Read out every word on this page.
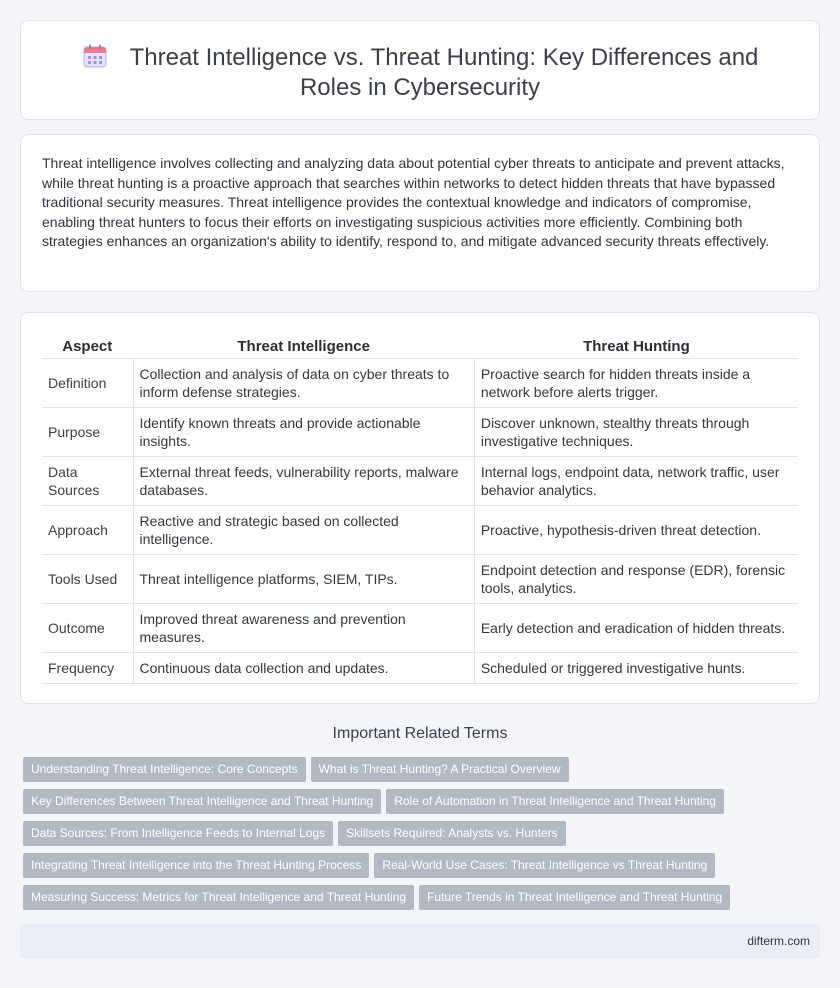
Threat Intelligence vs. Threat Hunting: Key Differences and Roles in Cybersecurity

Threat intelligence involves collecting and analyzing data about potential cyber threats to anticipate and prevent attacks, while threat hunting is a proactive approach that searches within networks to detect hidden threats that have bypassed traditional security measures. Threat intelligence provides the contextual knowledge and indicators of compromise, enabling threat hunters to focus their efforts on investigating suspicious activities more efficiently. Combining both strategies enhances an organization's ability to identify, respond to, and mitigate advanced security threats effectively.

Aspect	Threat Intelligence	Threat Hunting
Definition	Collection and analysis of data on cyber threats to inform defense strategies.	Proactive search for hidden threats inside a network before alerts trigger.
Purpose	Identify known threats and provide actionable insights.	Discover unknown, stealthy threats through investigative techniques.
Data Sources	External threat feeds, vulnerability reports, malware databases.	Internal logs, endpoint data, network traffic, user behavior analytics.
Approach	Reactive and strategic based on collected intelligence.	Proactive, hypothesis-driven threat detection.
Tools Used	Threat intelligence platforms, SIEM, TIPs.	Endpoint detection and response (EDR), forensic tools, analytics.
Outcome	Improved threat awareness and prevention measures.	Early detection and eradication of hidden threats.
Frequency	Continuous data collection and updates.	Scheduled or triggered investigative hunts.
Important Related Terms
Understanding Threat Intelligence: Core Concepts What is Threat Hunting? A Practical Overview
Key Differences Between Threat Intelligence and Threat Hunting Role of Automation in Threat Intelligence and Threat Hunting
Data Sources: From Intelligence Feeds to Internal Logs Skillsets Required: Analysts vs. Hunters
Integrating Threat Intelligence into the Threat Hunting Process Real-World Use Cases: Threat Intelligence vs Threat Hunting
Measuring Success: Metrics for Threat Intelligence and Threat Hunting Future Trends in Threat Intelligence and Threat Hunting
difterm.com
